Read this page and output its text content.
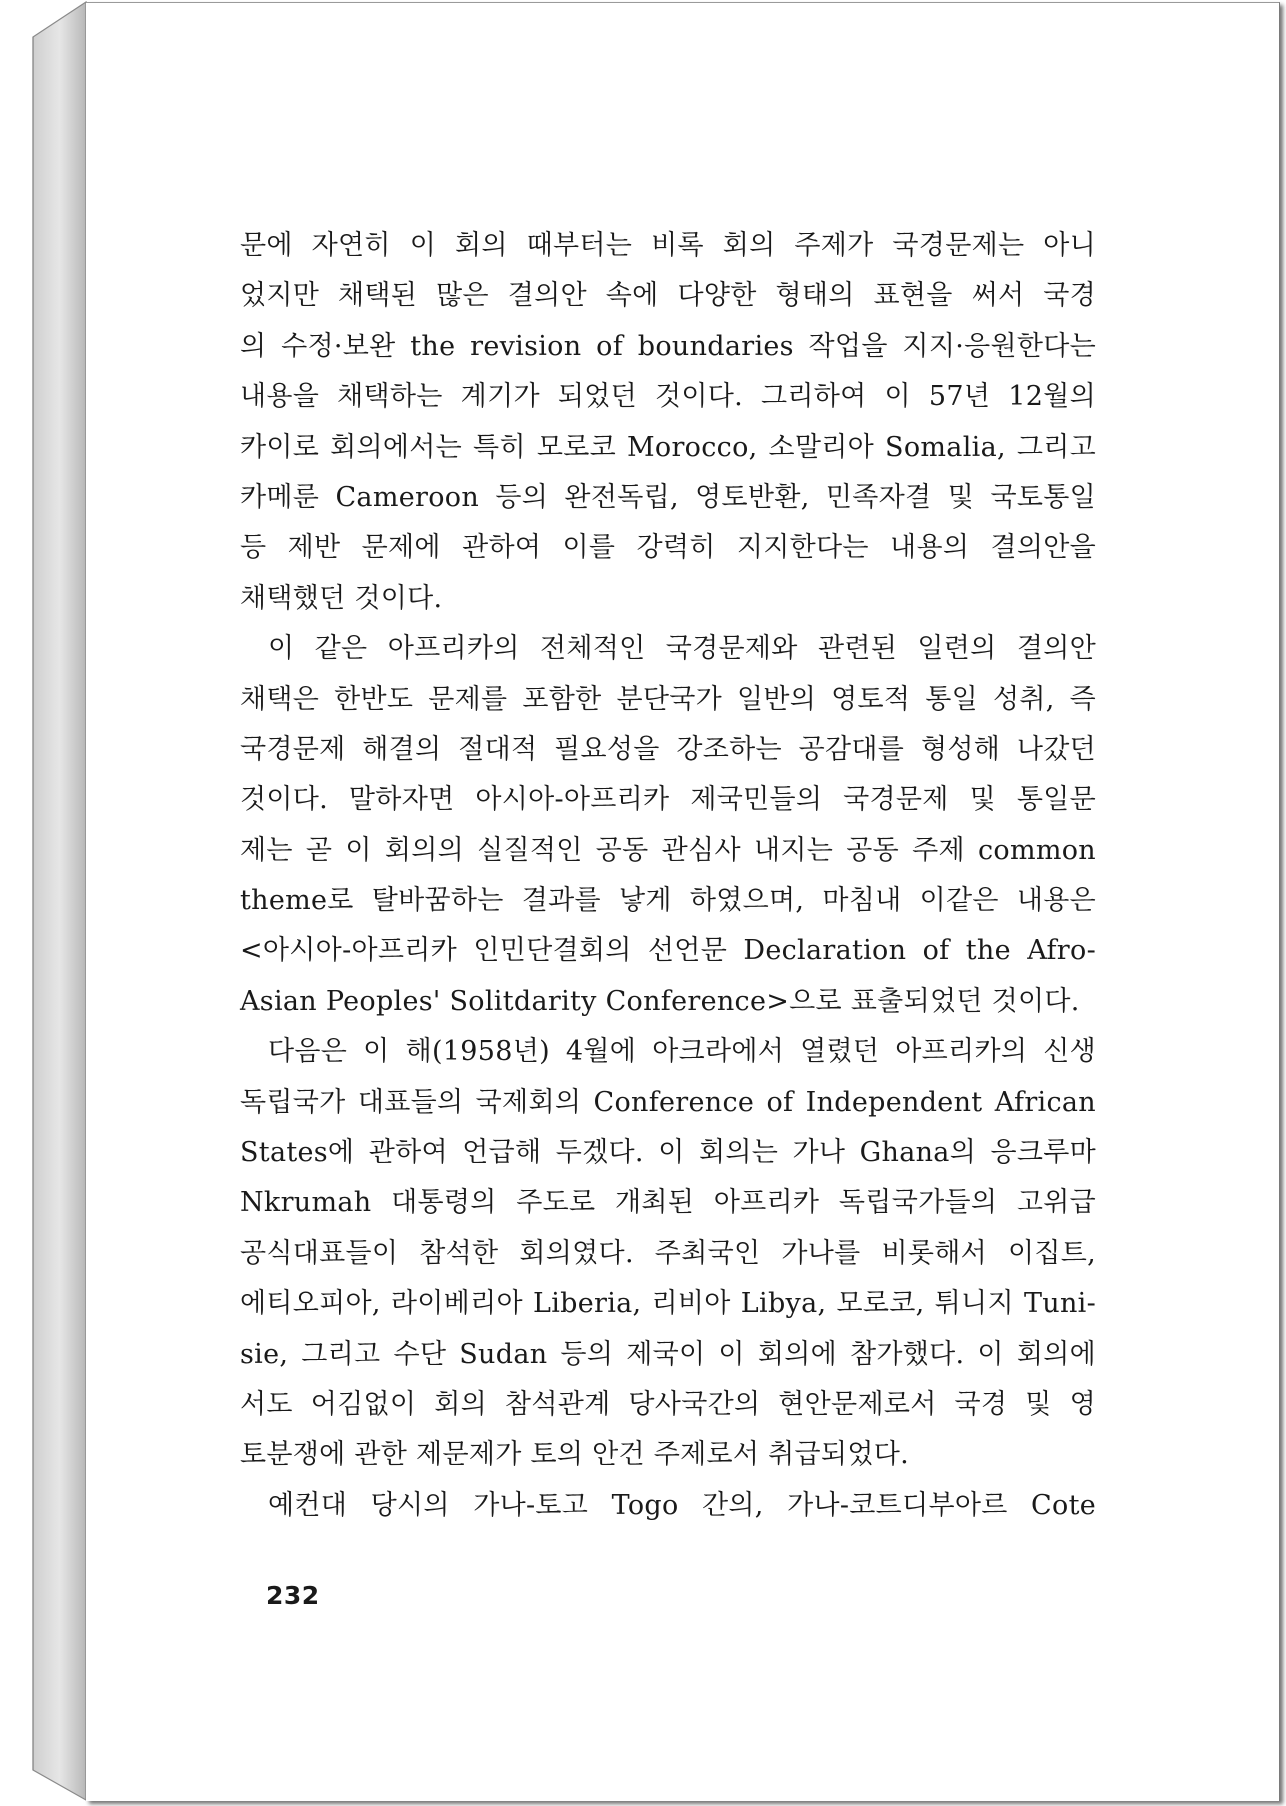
문에 자연히 이 회의 때부터는 비록 회의 주제가 국경문제는 아니
었지만 채택된 많은 결의안 속에 다양한 형태의 표현을 써서 국경
의 수정·보완 the revision of boundaries 작업을 지지·응원한다는
내용을 채택하는 계기가 되었던 것이다. 그리하여 이 57년 12월의
카이로 회의에서는 특히 모로코 Morocco, 소말리아 Somalia, 그리고
카메룬 Cameroon 등의 완전독립, 영토반환, 민족자결 및 국토통일
등 제반 문제에 관하여 이를 강력히 지지한다는 내용의 결의안을
채택했던 것이다.
이 같은 아프리카의 전체적인 국경문제와 관련된 일련의 결의안
채택은 한반도 문제를 포함한 분단국가 일반의 영토적 통일 성취, 즉
국경문제 해결의 절대적 필요성을 강조하는 공감대를 형성해 나갔던
것이다. 말하자면 아시아-아프리카 제국민들의 국경문제 및 통일문
제는 곧 이 회의의 실질적인 공동 관심사 내지는 공동 주제 common
theme로 탈바꿈하는 결과를 낳게 하였으며, 마침내 이같은 내용은
<아시아-아프리카 인민단결회의 선언문 Declaration of the Afro-
Asian Peoples' Solitdarity Conference>으로 표출되었던 것이다.
다음은 이 해(1958년) 4월에 아크라에서 열렸던 아프리카의 신생
독립국가 대표들의 국제회의 Conference of Independent African
States에 관하여 언급해 두겠다. 이 회의는 가나 Ghana의 응크루마
Nkrumah 대통령의 주도로 개최된 아프리카 독립국가들의 고위급
공식대표들이 참석한 회의였다. 주최국인 가나를 비롯해서 이집트,
에티오피아, 라이베리아 Liberia, 리비아 Libya, 모로코, 튀니지 Tuni-
sie, 그리고 수단 Sudan 등의 제국이 이 회의에 참가했다. 이 회의에
서도 어김없이 회의 참석관계 당사국간의 현안문제로서 국경 및 영
토분쟁에 관한 제문제가 토의 안건 주제로서 취급되었다.
예컨대 당시의 가나-토고 Togo 간의, 가나-코트디부아르 Cote
232
